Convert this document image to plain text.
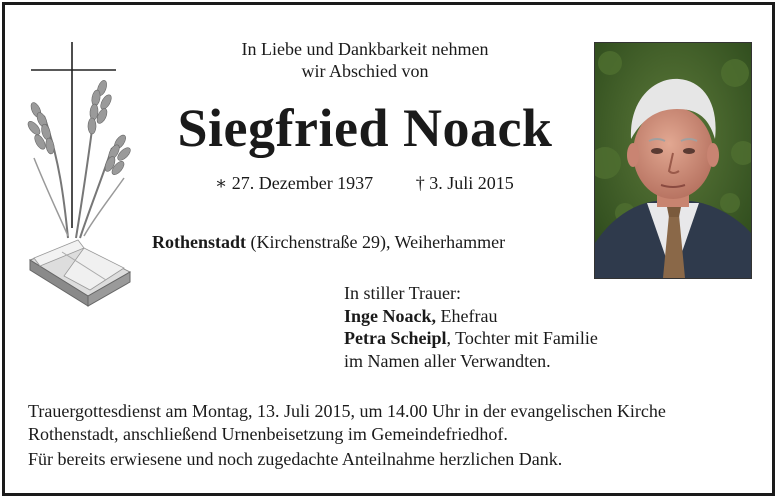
In Liebe und Dankbarkeit nehmen
wir Abschied von
Siegfried Noack
∗ 27. Dezember 1937 † 3. Juli 2015
Rothenstadt (Kirchenstraße 29), Weiherhammer
In stiller Trauer:
Inge Noack, Ehefrau
Petra Scheipl, Tochter mit Familie
im Namen aller Verwandten.
Trauergottesdienst am Montag, 13. Juli 2015, um 14.00 Uhr in der evangelischen Kirche
Rothenstadt, anschließend Urnenbeisetzung im Gemeindefriedhof.
Für bereits erwiesene und noch zugedachte Anteilnahme herzlichen Dank.
